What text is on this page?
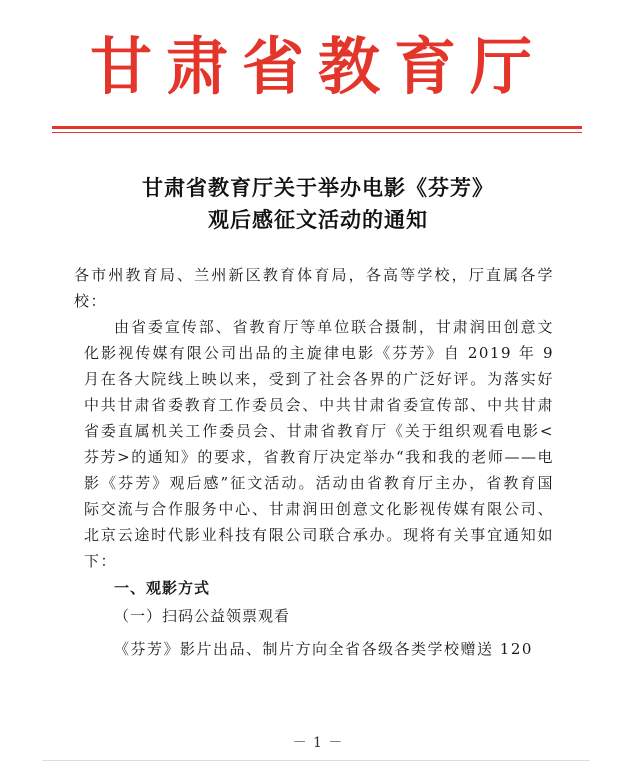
甘肃省教育厅
甘肃省教育厅关于举办电影《芬芳》
观后感征文活动的通知

各市州教育局、兰州新区教育体育局，各高等学校，厅直属各学校：

由省委宣传部、省教育厅等单位联合摄制，甘肃润田创意文化影视传媒有限公司出品的主旋律电影《芬芳》自 2019 年 9 月在各大院线上映以来，受到了社会各界的广泛好评。为落实好中共甘肃省委教育工作委员会、中共甘肃省委宣传部、中共甘肃省委直属机关工作委员会、甘肃省教育厅《关于组织观看电影<芬芳>的通知》的要求，省教育厅决定举办“我和我的老师——电影《芬芳》观后感”征文活动。活动由省教育厅主办，省教育国际交流与合作服务中心、甘肃润田创意文化影视传媒有限公司、北京云途时代影业科技有限公司联合承办。现将有关事宜通知如下：

一、观影方式
（一）扫码公益领票观看

《芬芳》影片出品、制片方向全省各级各类学校赠送 120

－ 1 －
